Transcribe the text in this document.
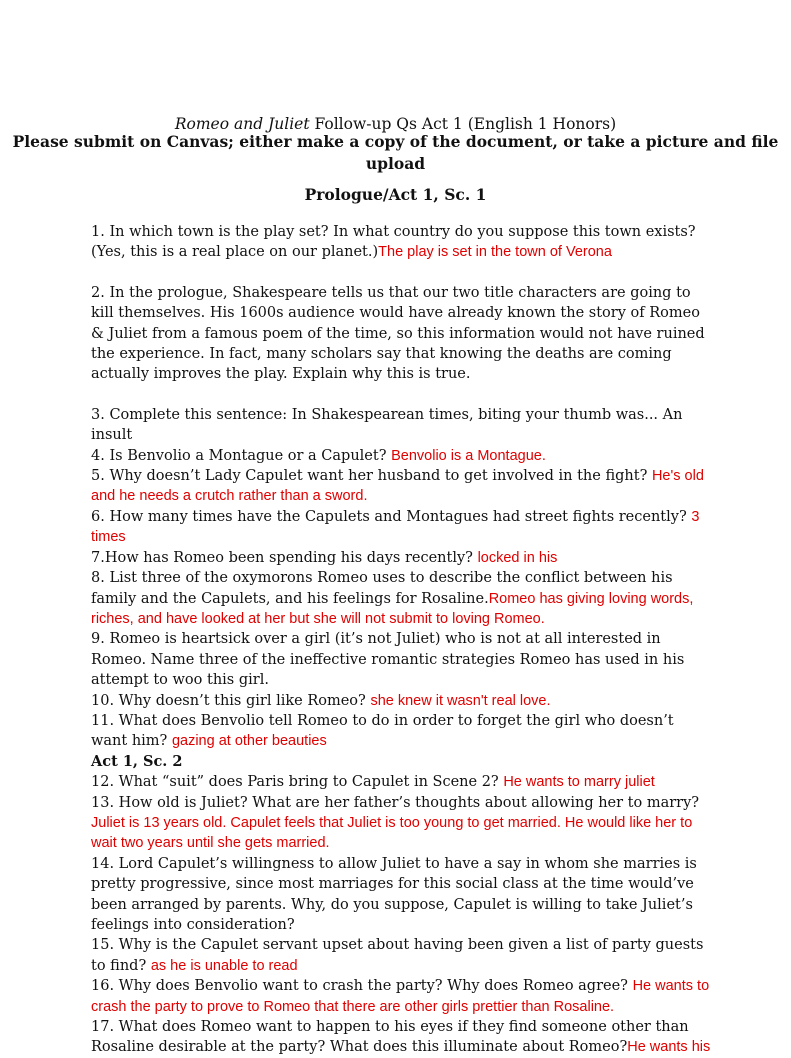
Romeo and Juliet Follow-up Qs Act 1 (English 1 Honors)
Please submit on Canvas; either make a copy of the document, or take a picture and file upload
Prologue/Act 1, Sc. 1

1. In which town is the play set? In what country do you suppose this town exists? (Yes, this is a real place on our planet.)The play is set in the town of Verona

2. In the prologue, Shakespeare tells us that our two title characters are going to kill themselves. His 1600s audience would have already known the story of Romeo & Juliet from a famous poem of the time, so this information would not have ruined the experience. In fact, many scholars say that knowing the deaths are coming actually improves the play. Explain why this is true.

3. Complete this sentence: In Shakespearean times, biting your thumb was... An insult

4. Is Benvolio a Montague or a Capulet? Benvolio is a Montague.

5. Why doesn’t Lady Capulet want her husband to get involved in the fight? He's old and he needs a crutch rather than a sword.

6. How many times have the Capulets and Montagues had street fights recently? 3 times

7.How has Romeo been spending his days recently? locked in his

8. List three of the oxymorons Romeo uses to describe the conflict between his family and the Capulets, and his feelings for Rosaline.Romeo has giving loving words, riches, and have looked at her but she will not submit to loving Romeo.

9. Romeo is heartsick over a girl (it’s not Juliet) who is not at all interested in Romeo. Name three of the ineffective romantic strategies Romeo has used in his attempt to woo this girl.

10. Why doesn’t this girl like Romeo? she knew it wasn't real love.

11. What does Benvolio tell Romeo to do in order to forget the girl who doesn’t want him? gazing at other beauties

Act 1, Sc. 2

12. What “suit” does Paris bring to Capulet in Scene 2? He wants to marry juliet

13. How old is Juliet? What are her father’s thoughts about allowing her to marry? Juliet is 13 years old. Capulet feels that Juliet is too young to get married. He would like her to wait two years until she gets married.

14. Lord Capulet’s willingness to allow Juliet to have a say in whom she marries is pretty progressive, since most marriages for this social class at the time would’ve been arranged by parents. Why, do you suppose, Capulet is willing to take Juliet’s feelings into consideration?

15. Why is the Capulet servant upset about having been given a list of party guests to find? as he is unable to read

16. Why does Benvolio want to crash the party? Why does Romeo agree? He wants to crash the party to prove to Romeo that there are other girls prettier than Rosaline.

17. What does Romeo want to happen to his eyes if they find someone other than Rosaline desirable at the party? What does this illuminate about Romeo?He wants his
